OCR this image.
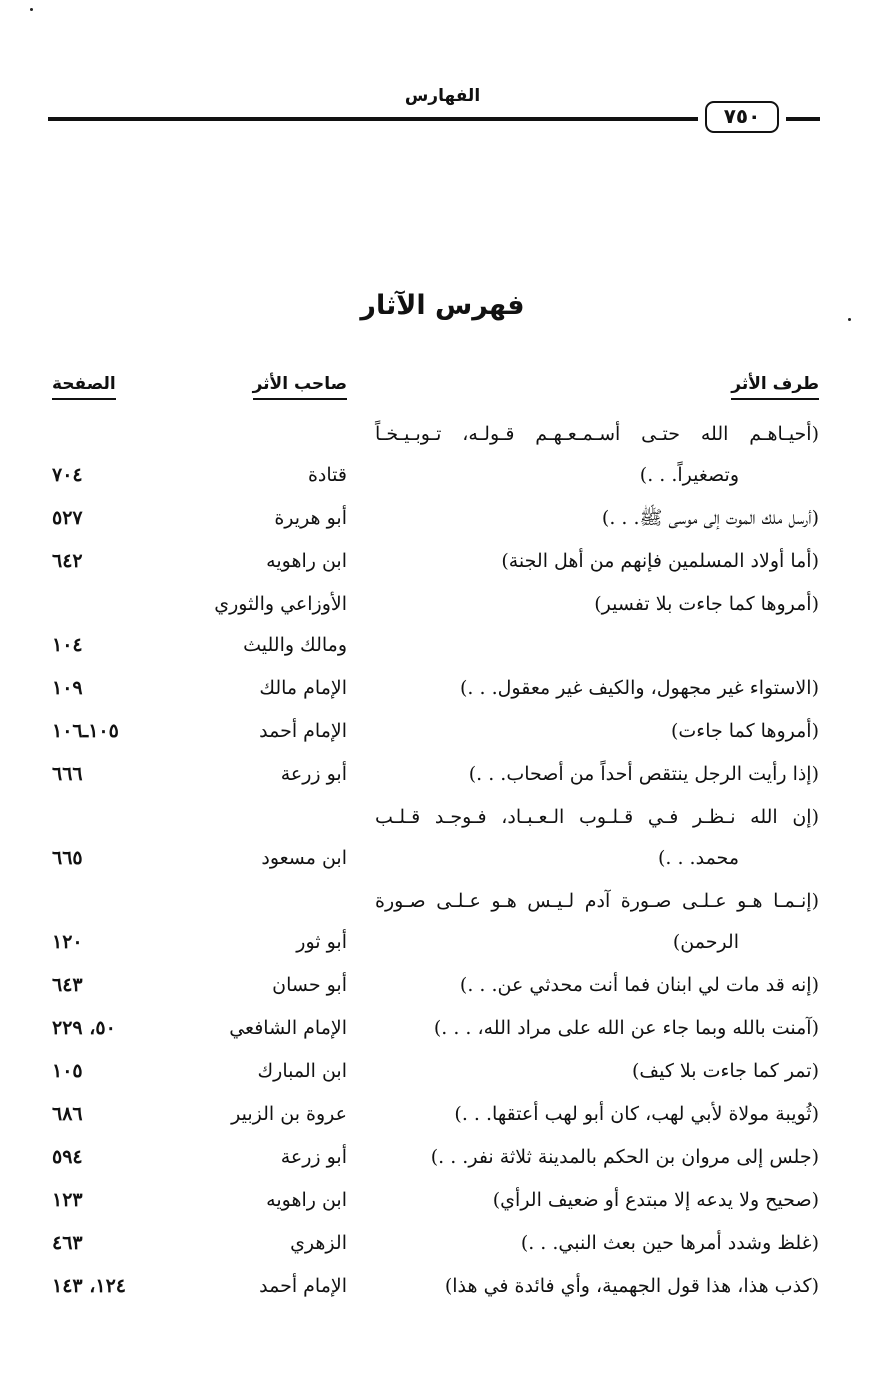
الفهارس
٧٥٠
فهرس الآثار
طرف الأثر
صاحب الأثر
الصفحة
(أحيـاهـم الله حتـى أسـمـعـهـم قـولـه، تـوبـيـخـاً
وتصغيراً. . .)
قتادة
٧٠٤
(أرسل ملك الموت إلى موسى ﷺ. . .)
أبو هريرة
٥٢٧
(أما أولاد المسلمين فإنهم من أهل الجنة)
ابن راهويه
٦٤٢
(أمروها كما جاءت بلا تفسير)
الأوزاعي والثوري
ومالك والليث
١٠٤
(الاستواء غير مجهول، والكيف غير معقول. . .)
الإمام مالك
١٠٩
(أمروها كما جاءت)
الإمام أحمد
١٠٥ـ١٠٦
(إذا رأيت الرجل ينتقص أحداً من أصحاب. . .)
أبو زرعة
٦٦٦
(إن الله نـظـر فـي قـلـوب الـعـبـاد، فـوجـد قـلـب
محمد. . .)
ابن مسعود
٦٦٥
(إنـمـا هـو عـلـى صـورة آدم لـيـس هـو عـلـى صـورة
الرحمن)
أبو ثور
١٢٠
(إنه قد مات لي ابنان فما أنت محدثي عن. . .)
أبو حسان
٦٤٣
(آمنت بالله وبما جاء عن الله على مراد الله، . . .)
الإمام الشافعي
٥٠، ٢٢٩
(تمر كما جاءت بلا كيف)
ابن المبارك
١٠٥
(ثُويبة مولاة لأبي لهب، كان أبو لهب أعتقها. . .)
عروة بن الزبير
٦٨٦
(جلس إلى مروان بن الحكم بالمدينة ثلاثة نفر. . .)
أبو زرعة
٥٩٤
(صحيح ولا يدعه إلا مبتدع أو ضعيف الرأي)
ابن راهويه
١٢٣
(غلظ وشدد أمرها حين بعث النبي. . .)
الزهري
٤٦٣
(كذب هذا، هذا قول الجهمية، وأي فائدة في هذا)
الإمام أحمد
١٢٤، ١٤٣
